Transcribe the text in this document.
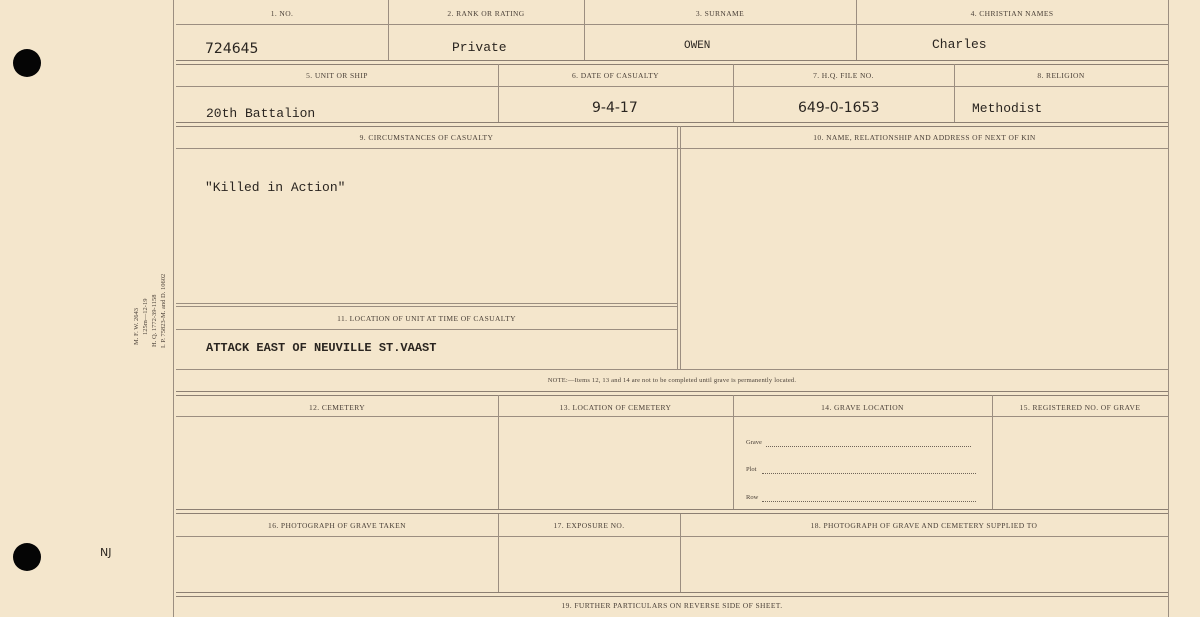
M. F. W. 2643 125m—12-19 H. Q. 1772-39-1158 I. P. 75823-M. and D. 10602
NJ
1. NO.	2. RANK OR RATING	3. SURNAME	4. CHRISTIAN NAMES
724645	Private	OWEN	Charles
5. UNIT OR SHIP	6. DATE OF CASUALTY	7. H.Q. FILE NO.	8. RELIGION
20th Battalion	9-4-17	649-0-1653	Methodist
9. CIRCUMSTANCES OF CASUALTY	10. NAME, RELATIONSHIP AND ADDRESS OF NEXT OF KIN
"Killed in Action"
11. LOCATION OF UNIT AT TIME OF CASUALTY
ATTACK EAST OF NEUVILLE ST.VAAST
NOTE:—Items 12, 13 and 14 are not to be completed until grave is permanently located.
12. CEMETERY	13. LOCATION OF CEMETERY	14. GRAVE LOCATION	15. REGISTERED NO. OF GRAVE
Grave
Plot
Row
16. PHOTOGRAPH OF GRAVE TAKEN	17. EXPOSURE NO.	18. PHOTOGRAPH OF GRAVE AND CEMETERY SUPPLIED TO
19. FURTHER PARTICULARS ON REVERSE SIDE OF SHEET.
